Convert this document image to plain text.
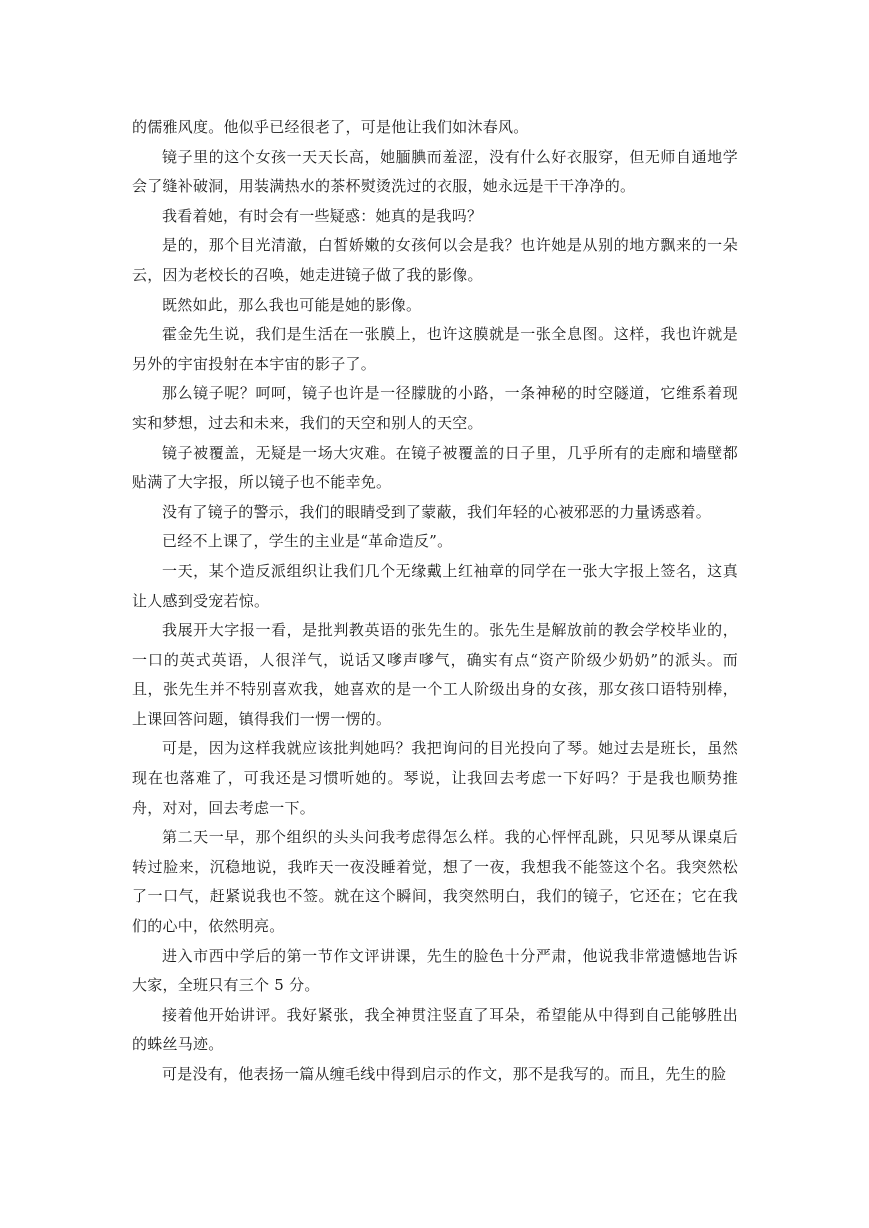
的儒雅风度。他似乎已经很老了，可是他让我们如沐春风。

镜子里的这个女孩一天天长高，她腼腆而羞涩，没有什么好衣服穿，但无师自通地学会了缝补破洞，用装满热水的茶杯熨烫洗过的衣服，她永远是干干净净的。

我看着她，有时会有一些疑惑：她真的是我吗？

是的，那个目光清澈，白皙娇嫩的女孩何以会是我？也许她是从别的地方飘来的一朵云，因为老校长的召唤，她走进镜子做了我的影像。

既然如此，那么我也可能是她的影像。

霍金先生说，我们是生活在一张膜上，也许这膜就是一张全息图。这样，我也许就是另外的宇宙投射在本宇宙的影子了。

那么镜子呢？呵呵，镜子也许是一径朦胧的小路，一条神秘的时空隧道，它维系着现实和梦想，过去和未来，我们的天空和别人的天空。

镜子被覆盖，无疑是一场大灾难。在镜子被覆盖的日子里，几乎所有的走廊和墙壁都贴满了大字报，所以镜子也不能幸免。

没有了镜子的警示，我们的眼睛受到了蒙蔽，我们年轻的心被邪恶的力量诱惑着。

已经不上课了，学生的主业是“革命造反”。

一天，某个造反派组织让我们几个无缘戴上红袖章的同学在一张大字报上签名，这真让人感到受宠若惊。

我展开大字报一看，是批判教英语的张先生的。张先生是解放前的教会学校毕业的，一口的英式英语，人很洋气，说话又嗲声嗲气，确实有点“资产阶级少奶奶”的派头。而且，张先生并不特别喜欢我，她喜欢的是一个工人阶级出身的女孩，那女孩口语特别棒，上课回答问题，镇得我们一愣一愣的。

可是，因为这样我就应该批判她吗？我把询问的目光投向了琴。她过去是班长，虽然现在也落难了，可我还是习惯听她的。琴说，让我回去考虑一下好吗？于是我也顺势推舟，对对，回去考虑一下。

第二天一早，那个组织的头头问我考虑得怎么样。我的心怦怦乱跳，只见琴从课桌后转过脸来，沉稳地说，我昨天一夜没睡着觉，想了一夜，我想我不能签这个名。我突然松了一口气，赶紧说我也不签。就在这个瞬间，我突然明白，我们的镜子，它还在；它在我们的心中，依然明亮。

进入市西中学后的第一节作文评讲课，先生的脸色十分严肃，他说我非常遗憾地告诉大家，全班只有三个 5 分。

接着他开始讲评。我好紧张，我全神贯注竖直了耳朵，希望能从中得到自己能够胜出的蛛丝马迹。

可是没有，他表扬一篇从缠毛线中得到启示的作文，那不是我写的。而且，先生的脸
